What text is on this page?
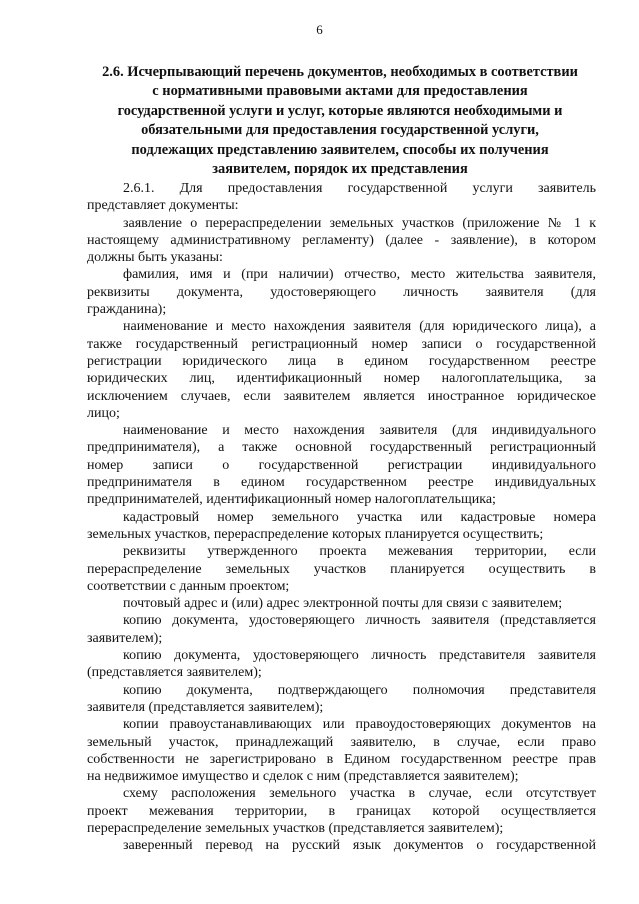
6
2.6. Исчерпывающий перечень документов, необходимых в соответствии
с нормативными правовыми актами для предоставления
государственной услуги и услуг, которые являются необходимыми и
обязательными для предоставления государственной услуги,
подлежащих представлению заявителем, способы их получения
заявителем, порядок их представления
2.6.1. Для предоставления государственной услуги заявитель
представляет документы:
заявление о перераспределении земельных участков (приложение № 1 к
настоящему административному регламенту) (далее - заявление), в котором
должны быть указаны:
фамилия, имя и (при наличии) отчество, место жительства заявителя,
реквизиты документа, удостоверяющего личность заявителя (для
гражданина);
наименование и место нахождения заявителя (для юридического лица), а
также государственный регистрационный номер записи о государственной
регистрации юридического лица в едином государственном реестре
юридических лиц, идентификационный номер налогоплательщика, за
исключением случаев, если заявителем является иностранное юридическое
лицо;
наименование и место нахождения заявителя (для индивидуального
предпринимателя), а также основной государственный регистрационный
номер записи о государственной регистрации индивидуального
предпринимателя в едином государственном реестре индивидуальных
предпринимателей, идентификационный номер налогоплательщика;
кадастровый номер земельного участка или кадастровые номера
земельных участков, перераспределение которых планируется осуществить;
реквизиты утвержденного проекта межевания территории, если
перераспределение земельных участков планируется осуществить в
соответствии с данным проектом;
почтовый адрес и (или) адрес электронной почты для связи с заявителем;
копию документа, удостоверяющего личность заявителя (представляется
заявителем);
копию документа, удостоверяющего личность представителя заявителя
(представляется заявителем);
копию документа, подтверждающего полномочия представителя
заявителя (представляется заявителем);
копии правоустанавливающих или правоудостоверяющих документов на
земельный участок, принадлежащий заявителю, в случае, если право
собственности не зарегистрировано в Едином государственном реестре прав
на недвижимое имущество и сделок с ним (представляется заявителем);
схему расположения земельного участка в случае, если отсутствует
проект межевания территории, в границах которой осуществляется
перераспределение земельных участков (представляется заявителем);
заверенный перевод на русский язык документов о государственной
